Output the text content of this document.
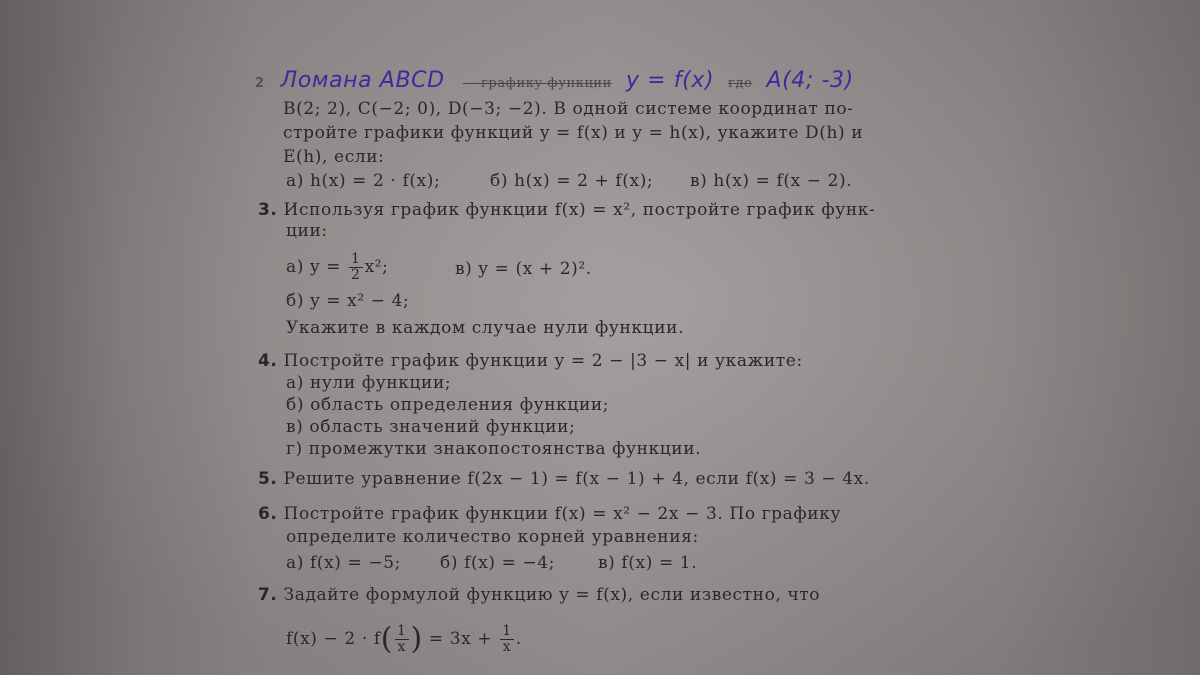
2 Ломана ABCD — графику функции y = f(x) где A(4; -3)
B(2; 2), C(−2; 0), D(−3; −2). В одной системе координат по-
стройте графики функций y = f(x) и y = h(x), укажите D(h) и
E(h), если:
а) h(x) = 2 · f(x);	б) h(x) = 2 + f(x); в) h(x) = f(x − 2).
3. Используя график функции f(x) = x², постройте график функ-
ции:
а) $y = \frac{1}{2} x^2$;	в) y = (x + 2)².
б) y = x² − 4;
Укажите в каждом случае нули функции.
4. Постройте график функции y = 2 − |3 − x| и укажите:
а) нули функции;
б) область определения функции;
в) область значений функции;
г) промежутки знакопостоянства функции.
5. Решите уравнение f(2x − 1) = f(x − 1) + 4, если f(x) = 3 − 4x.
6. Постройте график функции f(x) = x² − 2x − 3. По графику
определите количество корней уравнения:
а) f(x) = −5; б) f(x) = −4;	в) f(x) = 1.
7. Задайте формулой функцию y = f(x), если известно, что
$f(x) - 2 \cdot f( \frac{1}{x}$ ) = $3x + \frac{1}{x}$ .
